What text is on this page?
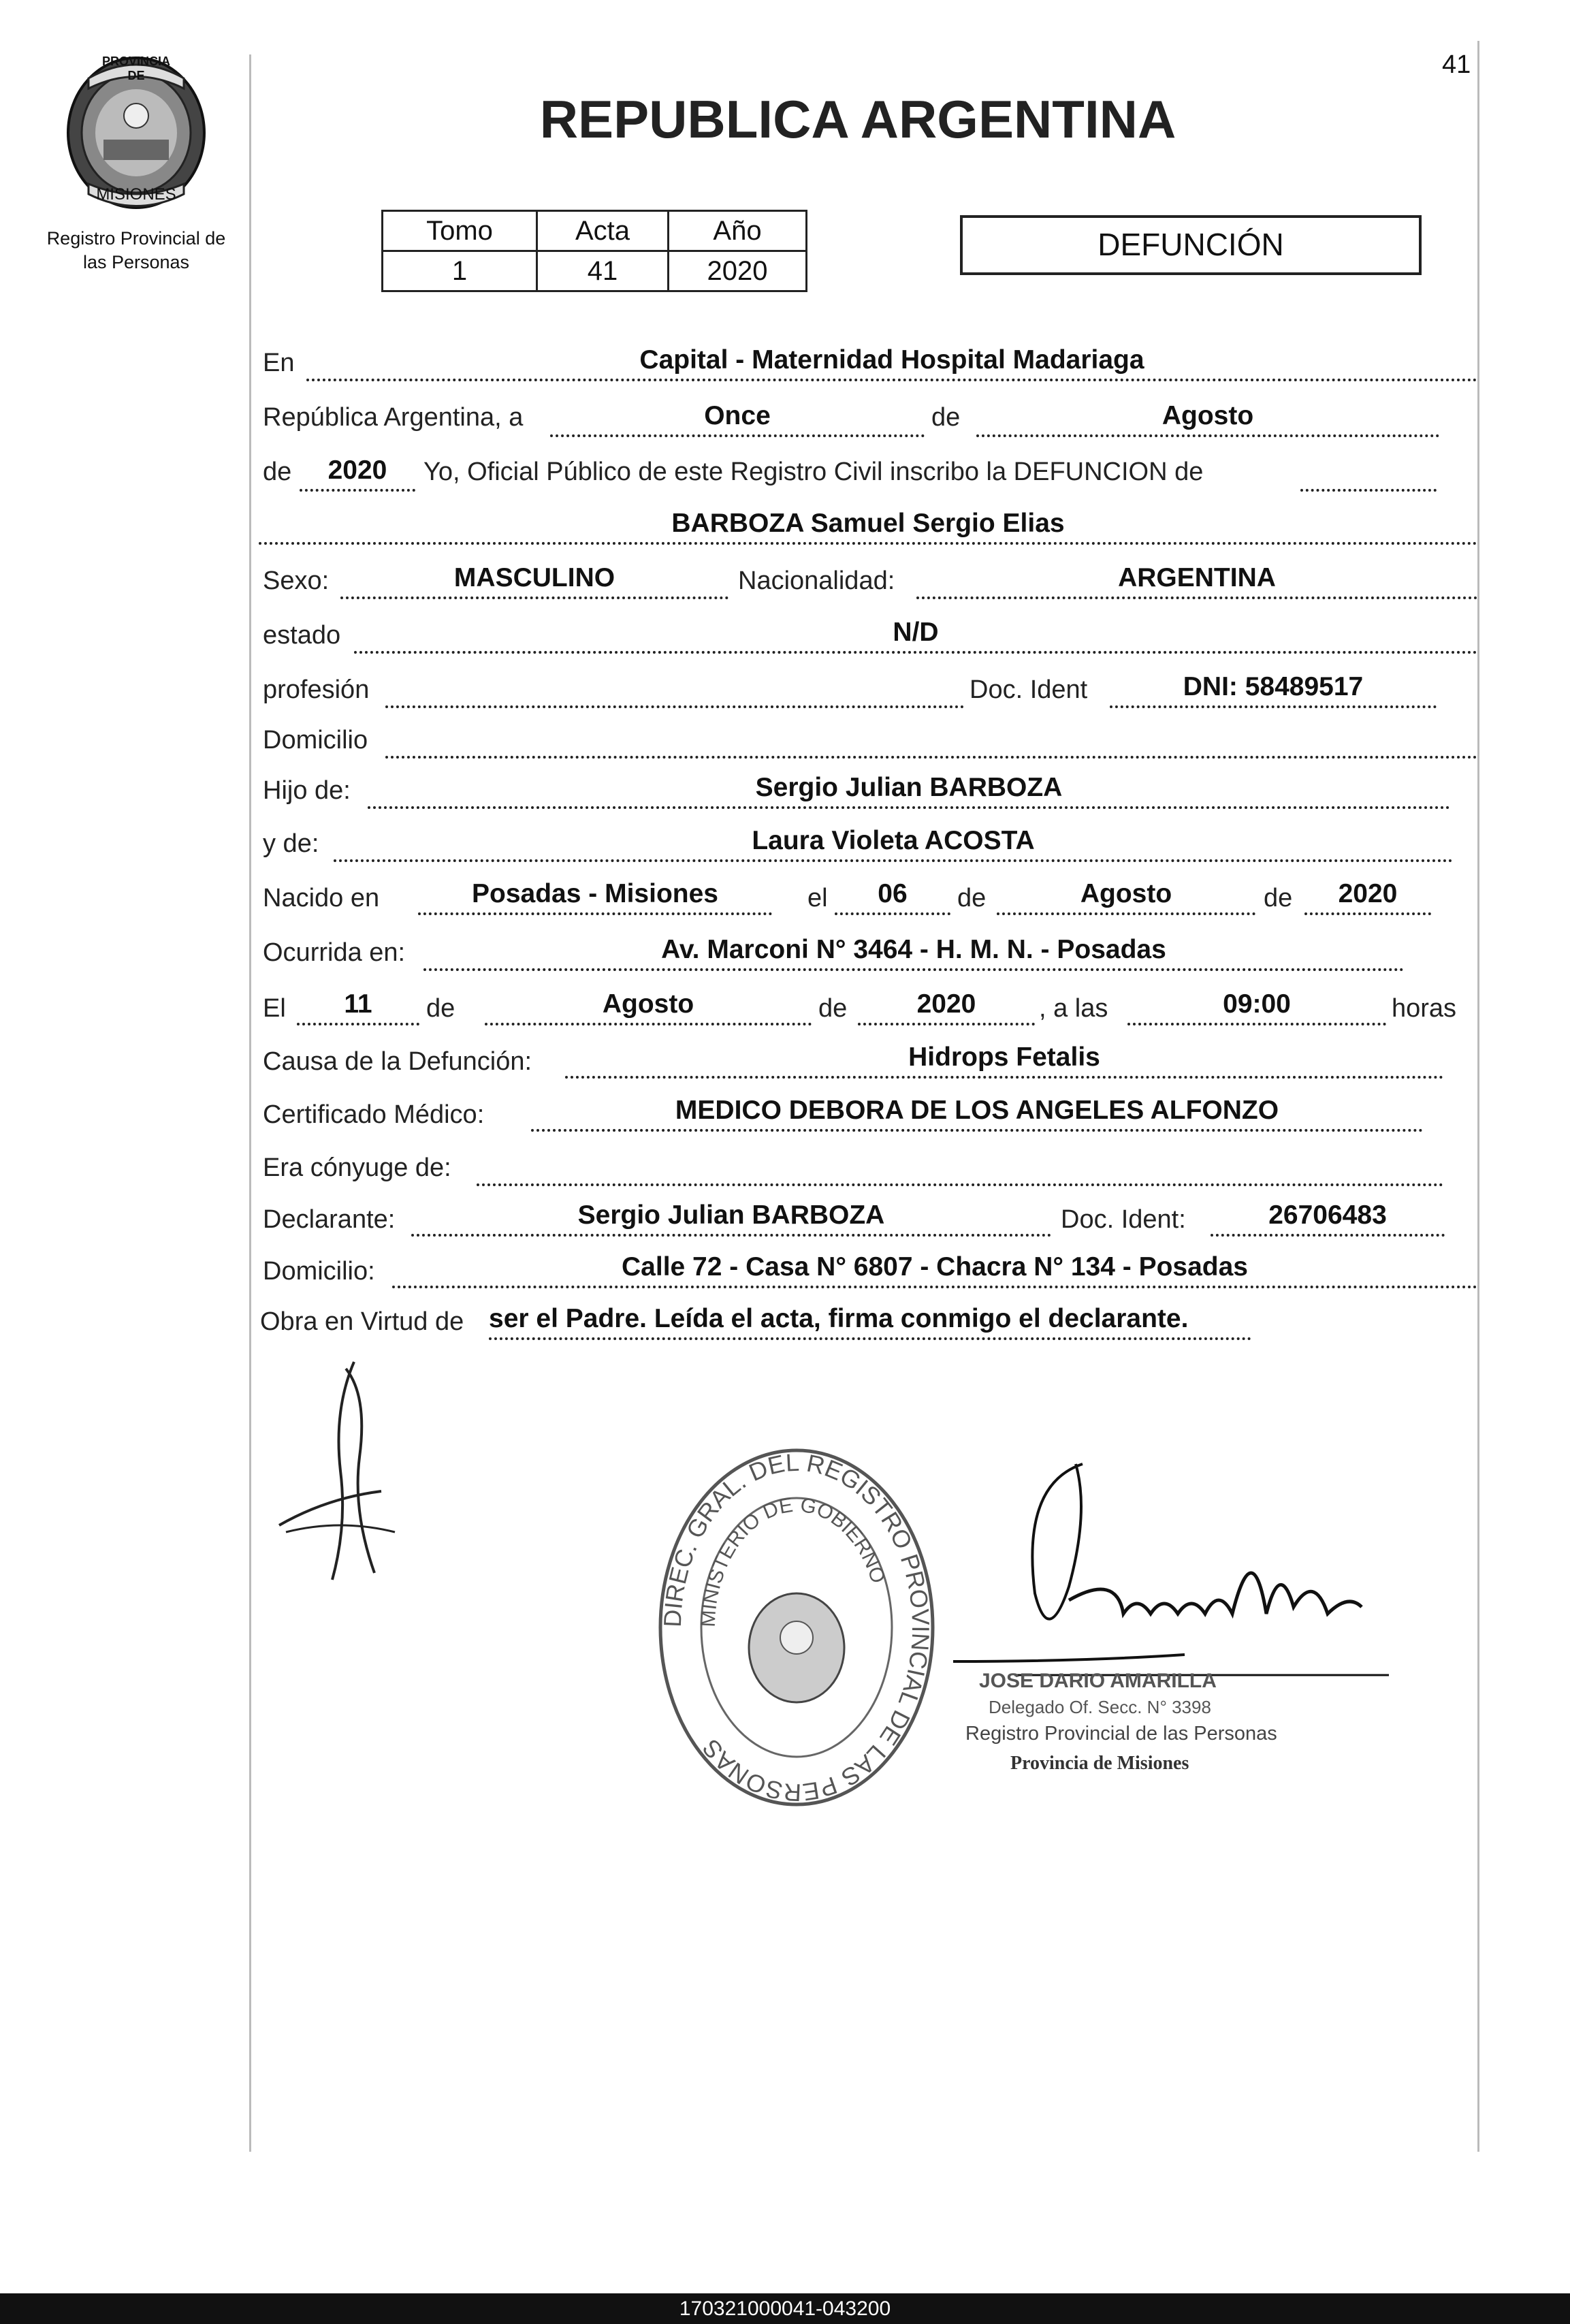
41
PROVINCIA DE
MISIONES
Registro Provincial de
las Personas
REPUBLICA ARGENTINA
Tomo	Acta	Año
1	41	2020
DEFUNCIÓN
En	Capital - Maternidad Hospital Madariaga
República Argentina, a	Once	de	Agosto
de	2020	Yo, Oficial Público de este Registro Civil inscribo la DEFUNCION de
BARBOZA Samuel Sergio Elias
Sexo:	MASCULINO	Nacionalidad:	ARGENTINA
estado	N/D
profesión	Doc. Ident	DNI: 58489517
Domicilio
Hijo de:	Sergio Julian BARBOZA
y de:	Laura Violeta ACOSTA
Nacido en	Posadas - Misiones	el	06	de	Agosto	de	2020
Ocurrida en:	Av. Marconi N° 3464 - H. M. N. - Posadas
El	11	de	Agosto	de	2020	, a las	09:00	horas
Causa de la Defunción:	Hidrops Fetalis
Certificado Médico:	MEDICO DEBORA DE LOS ANGELES ALFONZO
Era cónyuge de:
Declarante:	Sergio Julian BARBOZA	Doc. Ident:	26706483
Domicilio:	Calle 72 - Casa N° 6807 - Chacra N° 134 - Posadas
Obra en Virtud de ser el Padre. Leída el acta, firma conmigo el declarante.
DIREC. GRAL. DEL REGISTRO PROVINCIAL DE LAS PERSONAS
MINISTERIO DE GOBIERNO
JOSE DARIO AMARILLA
Delegado Of. Secc. N° 3398
Registro Provincial de las Personas
Provincia de Misiones
170321000041-043200
